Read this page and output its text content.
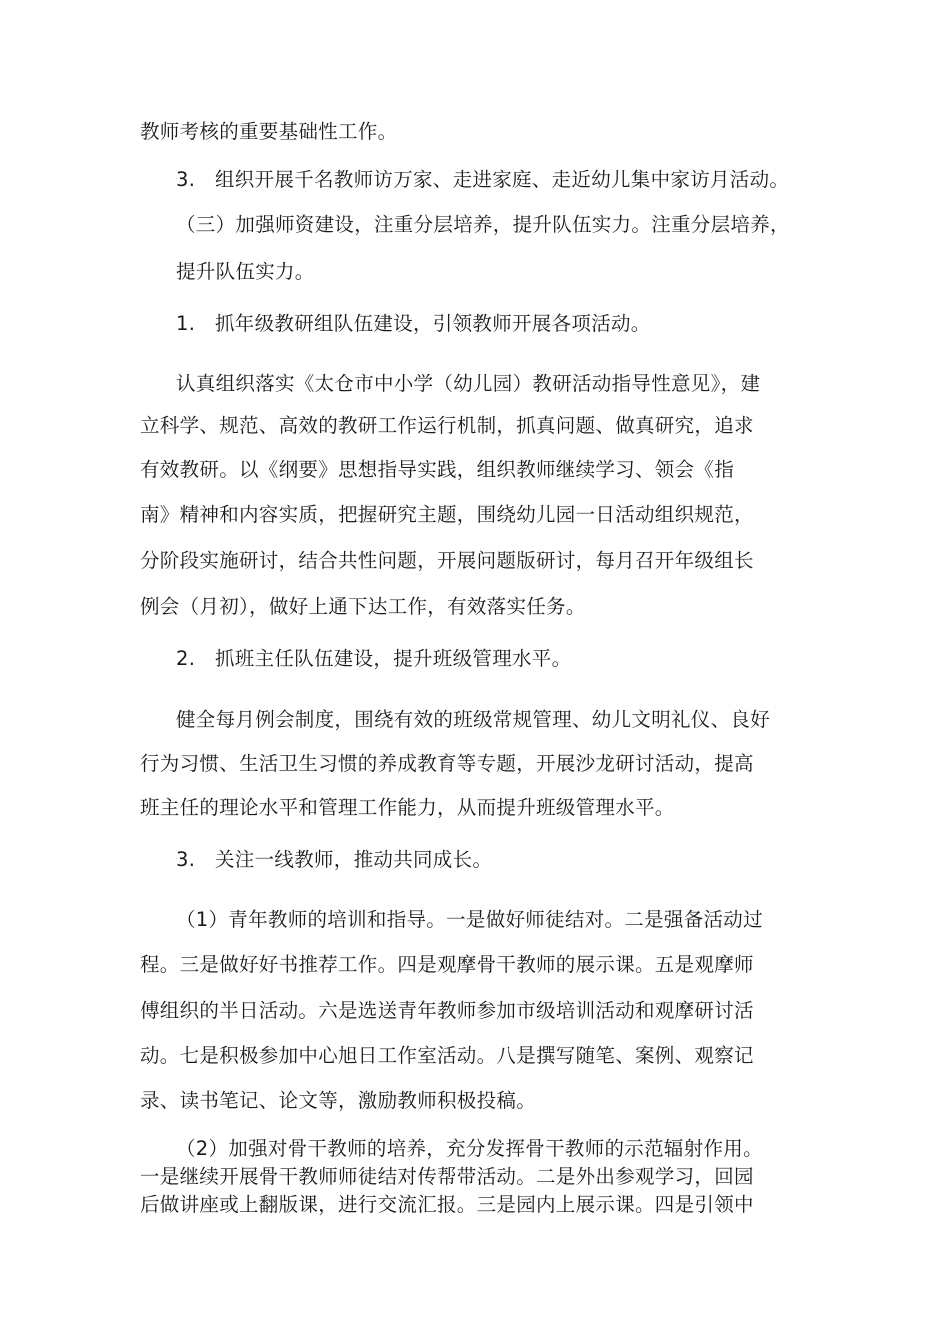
教师考核的重要基础性工作。
3.　组织开展千名教师访万家、走进家庭、走近幼儿集中家访月活动。
（三）加强师资建设，注重分层培养，提升队伍实力。注重分层培养，
提升队伍实力。
1.　抓年级教研组队伍建设，引领教师开展各项活动。
认真组织落实《太仓市中小学（幼儿园）教研活动指导性意见》，建
立科学、规范、高效的教研工作运行机制，抓真问题、做真研究，追求
有效教研。以《纲要》思想指导实践，组织教师继续学习、领会《指
南》精神和内容实质，把握研究主题，围绕幼儿园一日活动组织规范，
分阶段实施研讨，结合共性问题，开展问题版研讨，每月召开年级组长
例会（月初），做好上通下达工作，有效落实任务。
2.　抓班主任队伍建设，提升班级管理水平。
健全每月例会制度，围绕有效的班级常规管理、幼儿文明礼仪、良好
行为习惯、生活卫生习惯的养成教育等专题，开展沙龙研讨活动，提高
班主任的理论水平和管理工作能力，从而提升班级管理水平。
3.　关注一线教师，推动共同成长。
（1）青年教师的培训和指导。一是做好师徒结对。二是强备活动过
程。三是做好好书推荐工作。四是观摩骨干教师的展示课。五是观摩师
傅组织的半日活动。六是选送青年教师参加市级培训活动和观摩研讨活
动。七是积极参加中心旭日工作室活动。八是撰写随笔、案例、观察记
录、读书笔记、论文等，激励教师积极投稿。
（2）加强对骨干教师的培养，充分发挥骨干教师的示范辐射作用。
一是继续开展骨干教师师徒结对传帮带活动。二是外出参观学习，回园
后做讲座或上翻版课，进行交流汇报。三是园内上展示课。四是引领中
